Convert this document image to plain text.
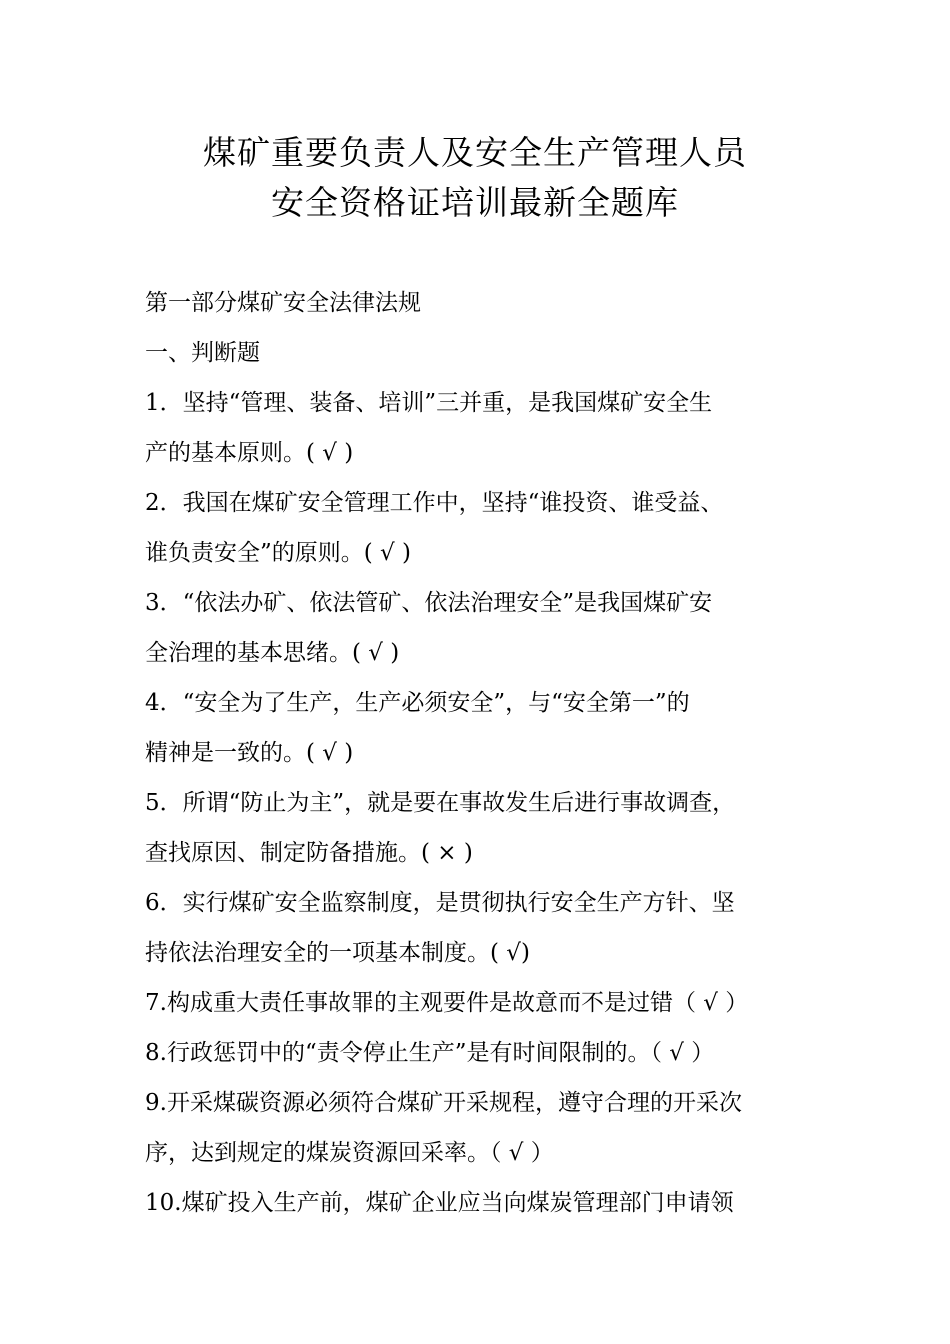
煤矿重要负责人及安全生产管理人员
安全资格证培训最新全题库
第一部分煤矿安全法律法规
一、判断题
1．坚持“管理、装备、培训”三并重，是我国煤矿安全生
产的基本原则。( √ )
2．我国在煤矿安全管理工作中，坚持“谁投资、谁受益、
谁负责安全”的原则。( √ )
3．“依法办矿、依法管矿、依法治理安全”是我国煤矿安
全治理的基本思绪。( √ )
4．“安全为了生产，生产必须安全”，与“安全第一”的
精神是一致的。( √ )
5．所谓“防止为主”，就是要在事故发生后进行事故调查，
查找原因、制定防备措施。( × )
6．实行煤矿安全监察制度，是贯彻执行安全生产方针、坚
持依法治理安全的一项基本制度。( √)
7.构成重大责任事故罪的主观要件是故意而不是过错（ √ ）
8.行政惩罚中的“责令停止生产”是有时间限制的。（ √ ）
9.开采煤碳资源必须符合煤矿开采规程，遵守合理的开采次
序，达到规定的煤炭资源回采率。（ √ ）
10.煤矿投入生产前，煤矿企业应当向煤炭管理部门申请领
